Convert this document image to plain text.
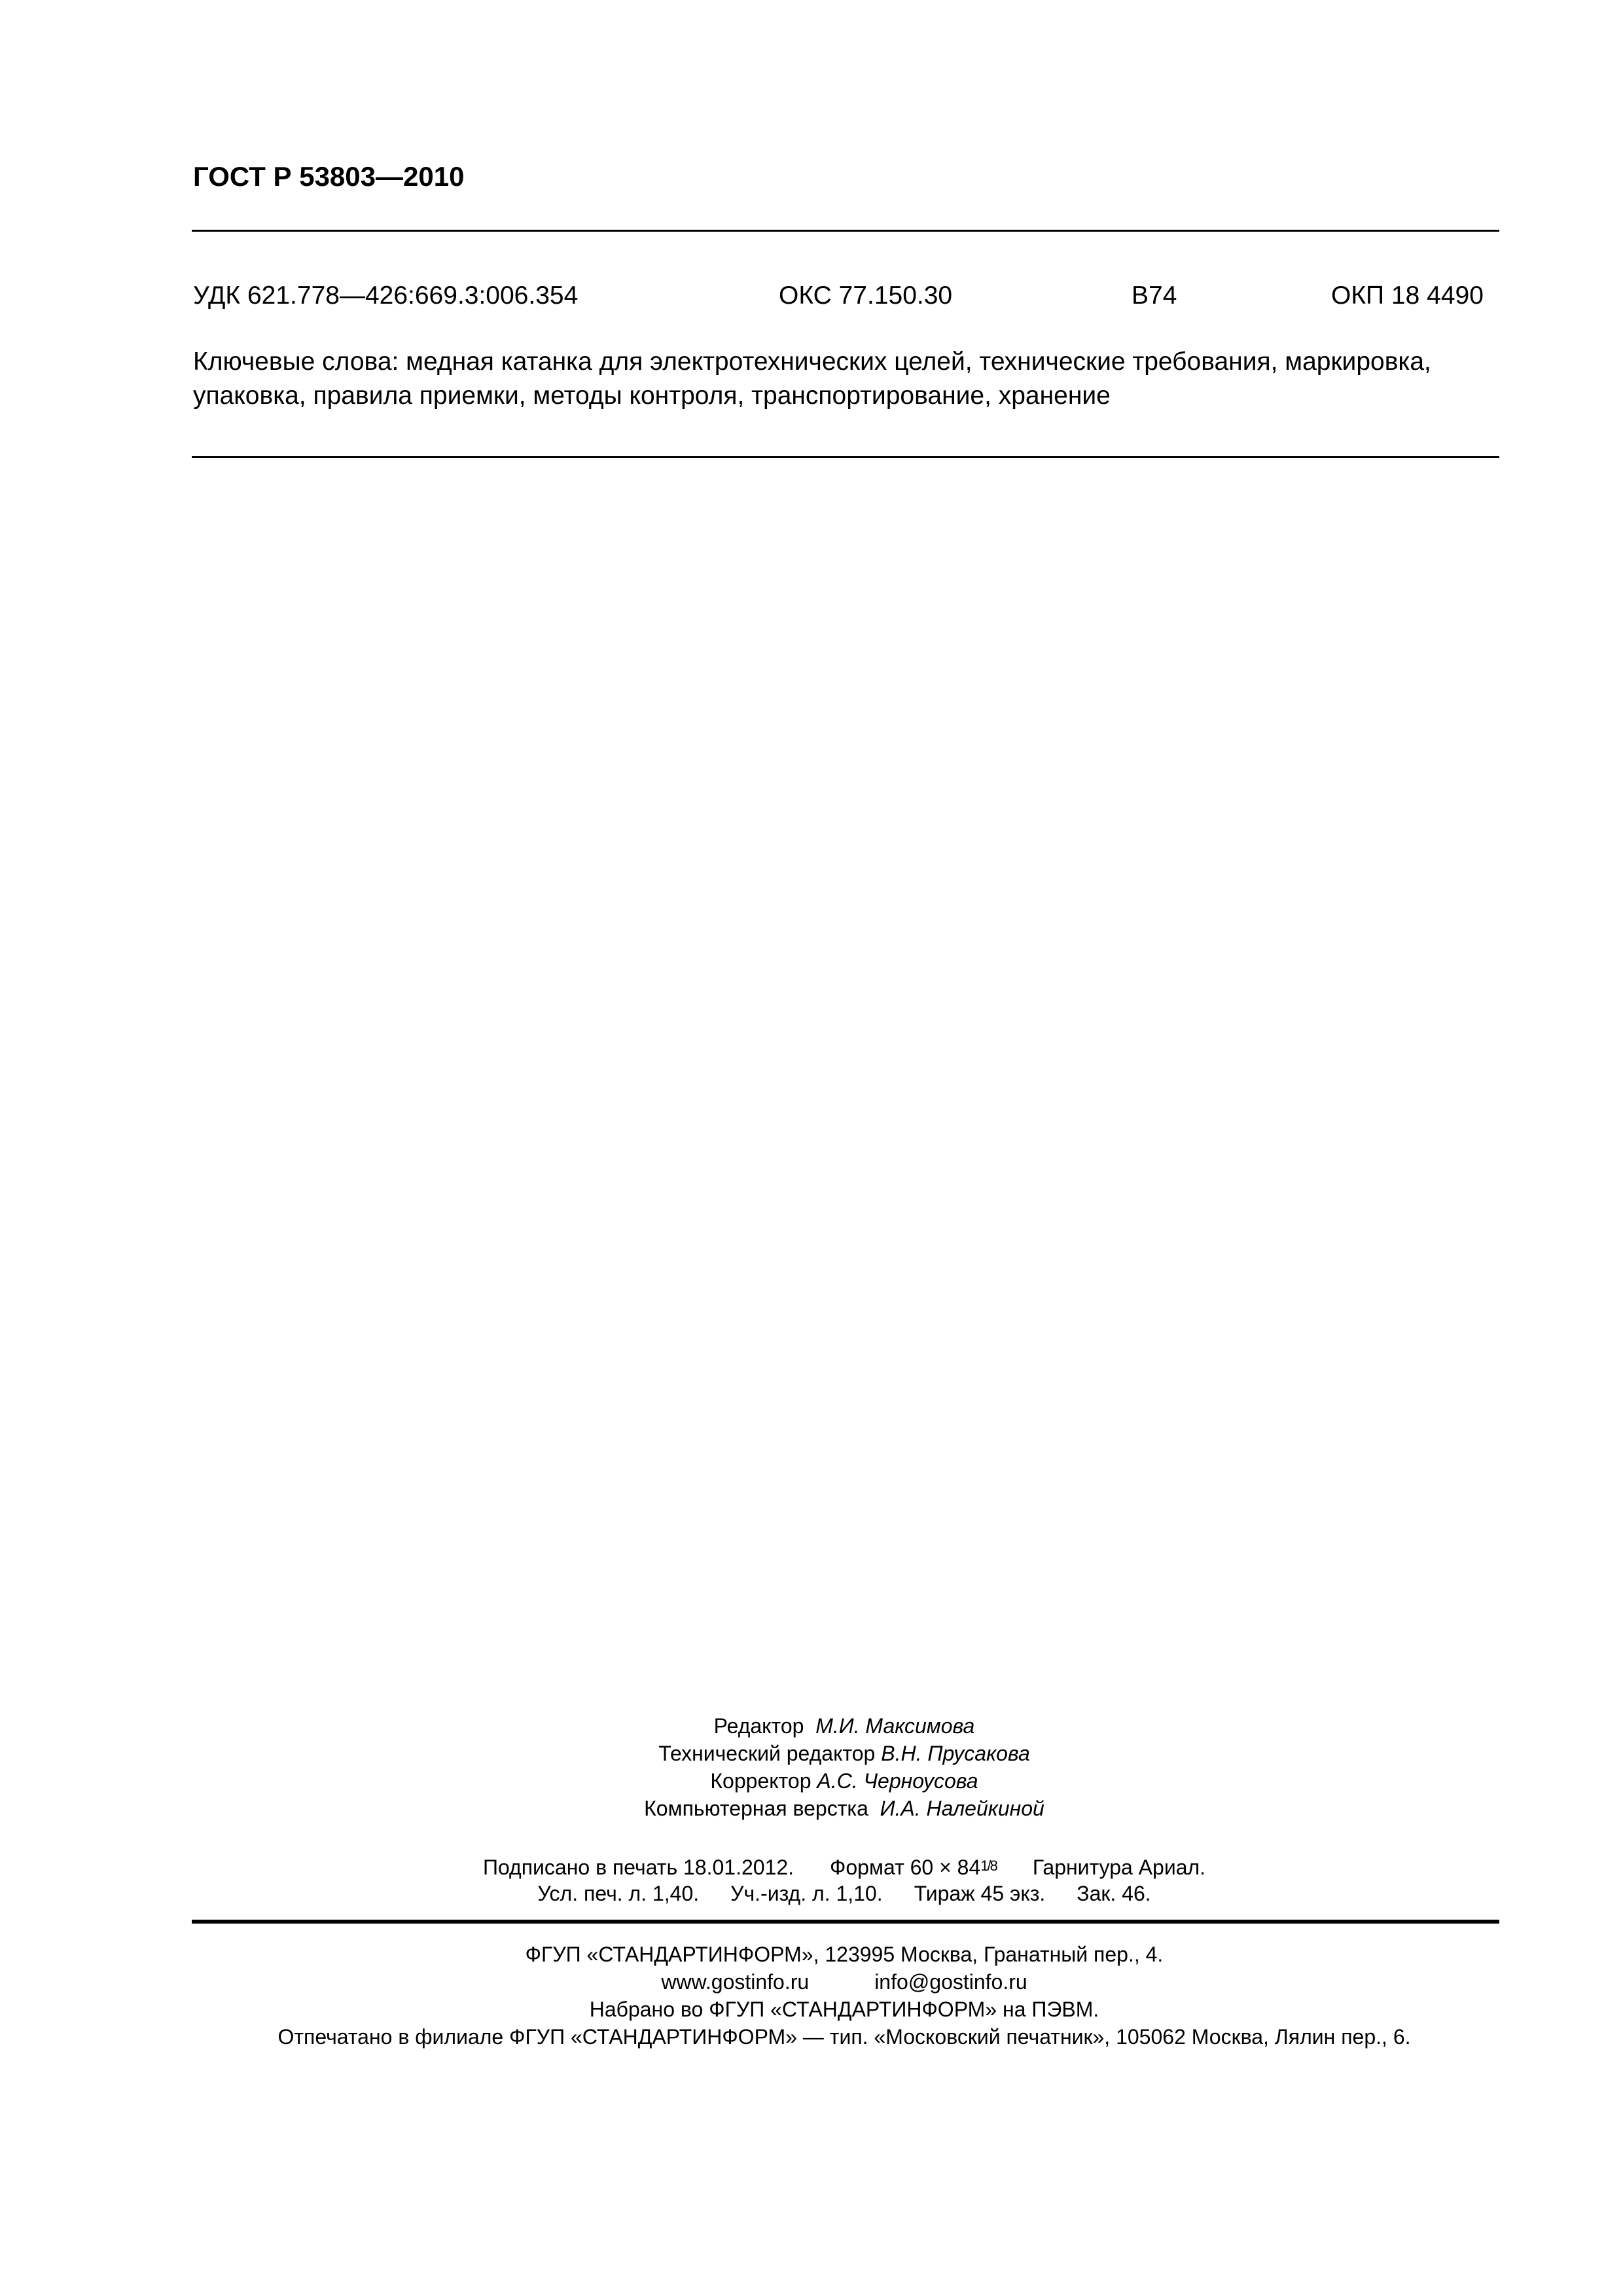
ГОСТ Р 53803—2010
УДК 621.778—426:669.3:006.354	ОКС 77.150.30	В74	ОКП 18 4490
Ключевые слова: медная катанка для электротехнических целей, технические требования, маркировка,
упаковка, правила приемки, методы контроля, транспортирование, хранение
Редактор М.И. Максимова
Технический редактор В.Н. Прусакова
Корректор А.С. Черноусова
Компьютерная верстка И.А. Налейкиной
Подписано в печать 18.01.2012. Формат 60 × 841/8 Гарнитура Ариал.
Усл. печ. л. 1,40. Уч.-изд. л. 1,10. Тираж 45 экз. Зак. 46.
ФГУП «СТАНДАРТИНФОРМ», 123995 Москва, Гранатный пер., 4.
www.gostinfo.ru	info@gostinfo.ru
Набрано во ФГУП «СТАНДАРТИНФОРМ» на ПЭВМ.
Отпечатано в филиале ФГУП «СТАНДАРТИНФОРМ» — тип. «Московский печатник», 105062 Москва, Лялин пер., 6.
